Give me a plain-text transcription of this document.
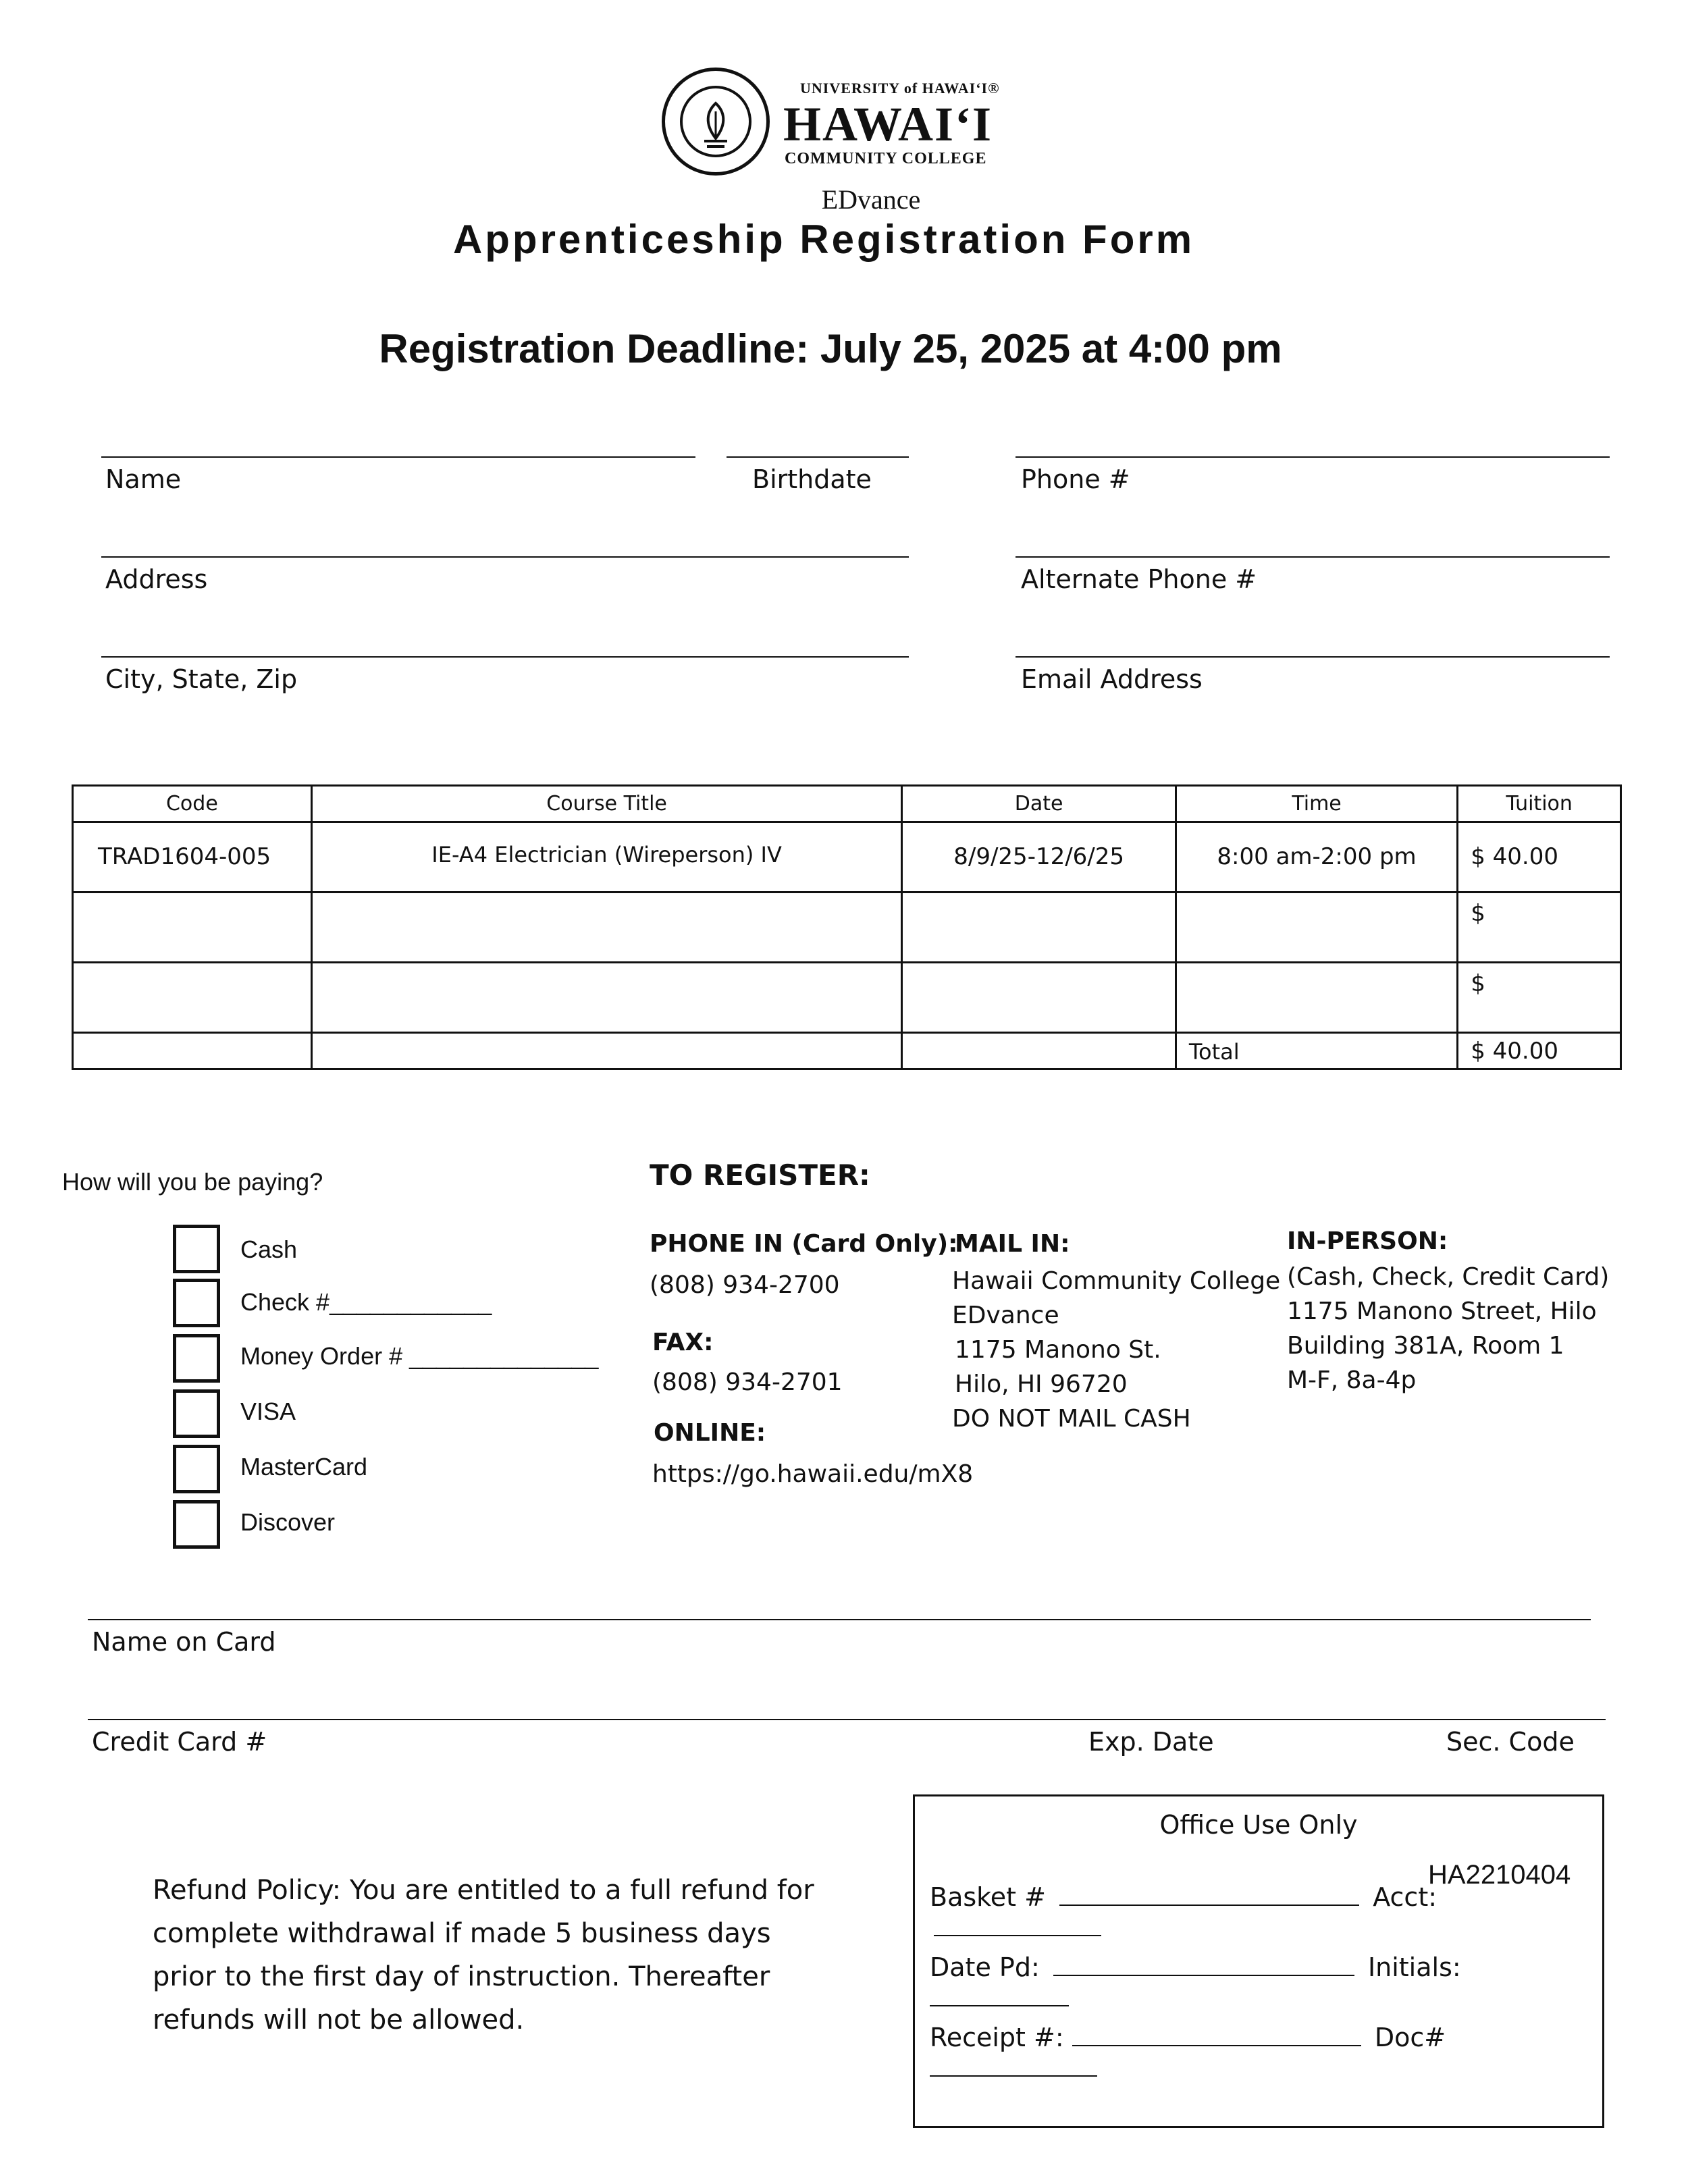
UNIVERSITY of HAWAIʻI®
HAWAIʻI
COMMUNITY COLLEGE
EDvance
Apprenticeship Registration Form
Registration Deadline: July 25, 2025 at 4:00 pm
Name	Birthdate	Phone #
Address	Alternate Phone #
City, State, Zip	Email Address
Code	Course Title	Date	Time	Tuition
TRAD1604-005	IE-A4 Electrician (Wireperson) IV	8/9/25-12/6/25	8:00 am-2:00 pm	$ 40.00
				$
				$
			Total	$ 40.00
How will you be paying?
Cash
Check #____________
Money Order # ______________
VISA
MasterCard
Discover
TO REGISTER:
PHONE IN (Card Only):
(808) 934-2700
FAX:
(808) 934-2701
ONLINE:
https://go.hawaii.edu/mX8
MAIL IN:
Hawaii Community College
EDvance
1175 Manono St.
Hilo, HI 96720
DO NOT MAIL CASH
IN-PERSON:
(Cash, Check, Credit Card)
1175 Manono Street, Hilo
Building 381A, Room 1
M-F, 8a-4p
Name on Card
Credit Card #	Exp. Date	Sec. Code
Refund Policy: You are entitled to a full refund for complete withdrawal if made 5 business days prior to the first day of instruction. Thereafter refunds will not be allowed.
Office Use Only
HA2210404
Basket #	Acct:
Date Pd:	Initials:
Receipt #:	Doc#
